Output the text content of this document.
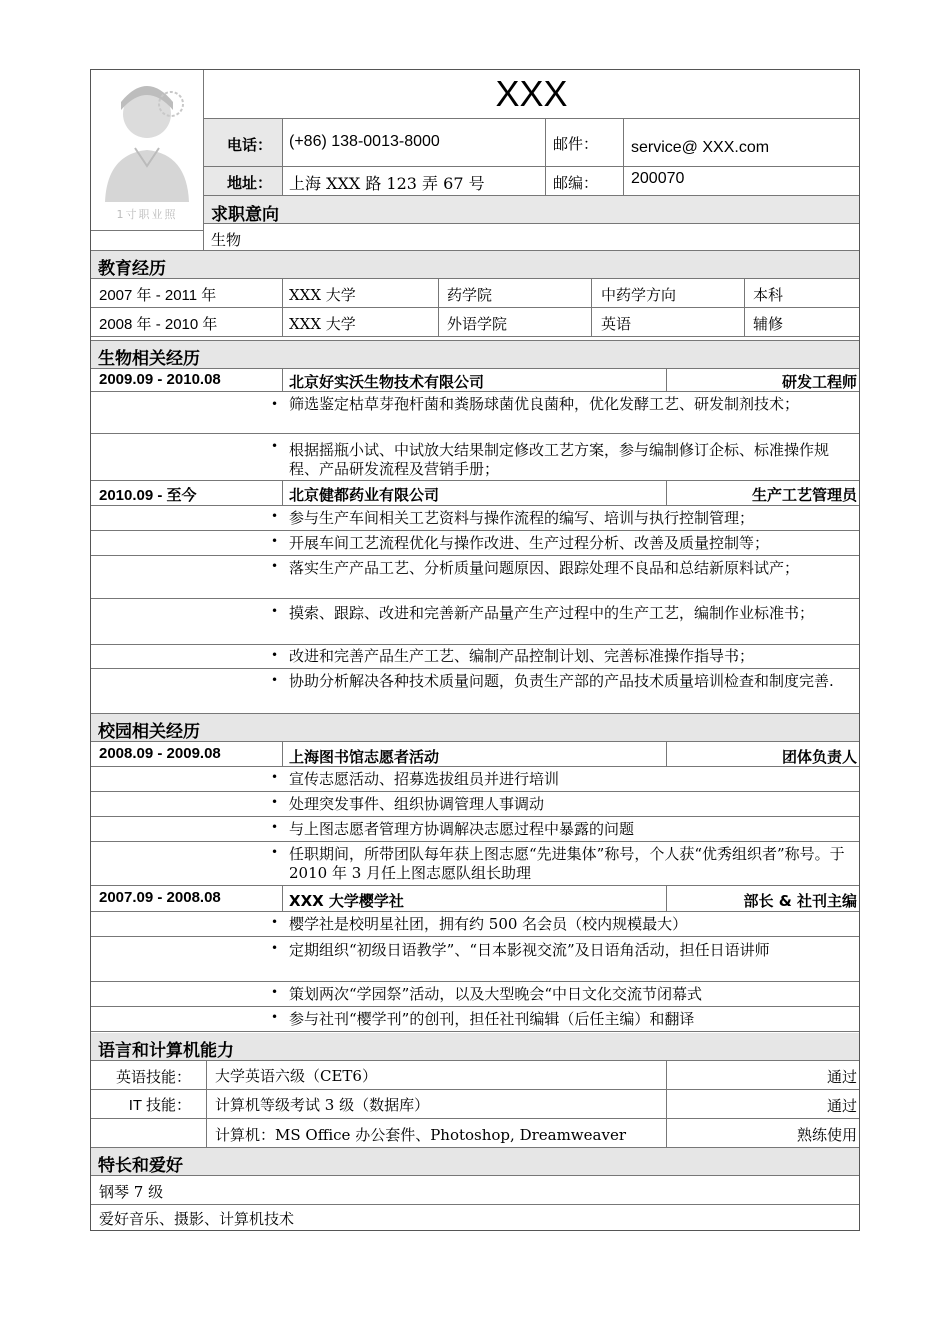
1寸职业照
XXX
电话： (+86) 138-0013-8000	邮件： service@ XXX.com
地址： 上海 XXX 路 123 弄 67 号	邮编： 200070
求职意向
生物
教育经历
2007 年 - 2011 年	XXX 大学	药学院	中药学方向	本科
2008 年 - 2010 年	XXX 大学	外语学院	英语	辅修
生物相关经历
2009.09 - 2010.08	北京好实沃生物技术有限公司	研发工程师
• 筛选鉴定枯草芽孢杆菌和粪肠球菌优良菌种，优化发酵工艺、研发制剂技术；
• 根据摇瓶小试、中试放大结果制定修改工艺方案，参与编制修订企标、标准操作规程、产品研发流程及营销手册；
2010.09 - 至今	北京健都药业有限公司	生产工艺管理员
• 参与生产车间相关工艺资料与操作流程的编写、培训与执行控制管理；
• 开展车间工艺流程优化与操作改进、生产过程分析、改善及质量控制等；
• 落实生产产品工艺、分析质量问题原因、跟踪处理不良品和总结新原料试产；
• 摸索、跟踪、改进和完善新产品量产生产过程中的生产工艺，编制作业标准书；
• 改进和完善产品生产工艺、编制产品控制计划、完善标准操作指导书；
• 协助分析解决各种技术质量问题，负责生产部的产品技术质量培训检查和制度完善.
校园相关经历
2008.09 - 2009.08	上海图书馆志愿者活动	团体负责人
• 宣传志愿活动、招募选拔组员并进行培训
• 处理突发事件、组织协调管理人事调动
• 与上图志愿者管理方协调解决志愿过程中暴露的问题
• 任职期间，所带团队每年获上图志愿“先进集体”称号，个人获“优秀组织者”称号。于 2010 年 3 月任上图志愿队组长助理
2007.09 - 2008.08	XXX 大学樱学社	部长 & 社刊主编
• 樱学社是校明星社团，拥有约 500 名会员（校内规模最大）
• 定期组织“初级日语教学”、“日本影视交流”及日语角活动，担任日语讲师
• 策划两次“学园祭”活动，以及大型晚会“中日文化交流节闭幕式
• 参与社刊“樱学刊”的创刊，担任社刊编辑（后任主编）和翻译
语言和计算机能力
英语技能： 大学英语六级（CET6）	通过
IT 技能： 计算机等级考试 3 级（数据库）	通过
计算机：MS Office 办公套件、Photoshop, Dreamweaver	熟练使用
特长和爱好
钢琴 7 级
爱好音乐、摄影、计算机技术
